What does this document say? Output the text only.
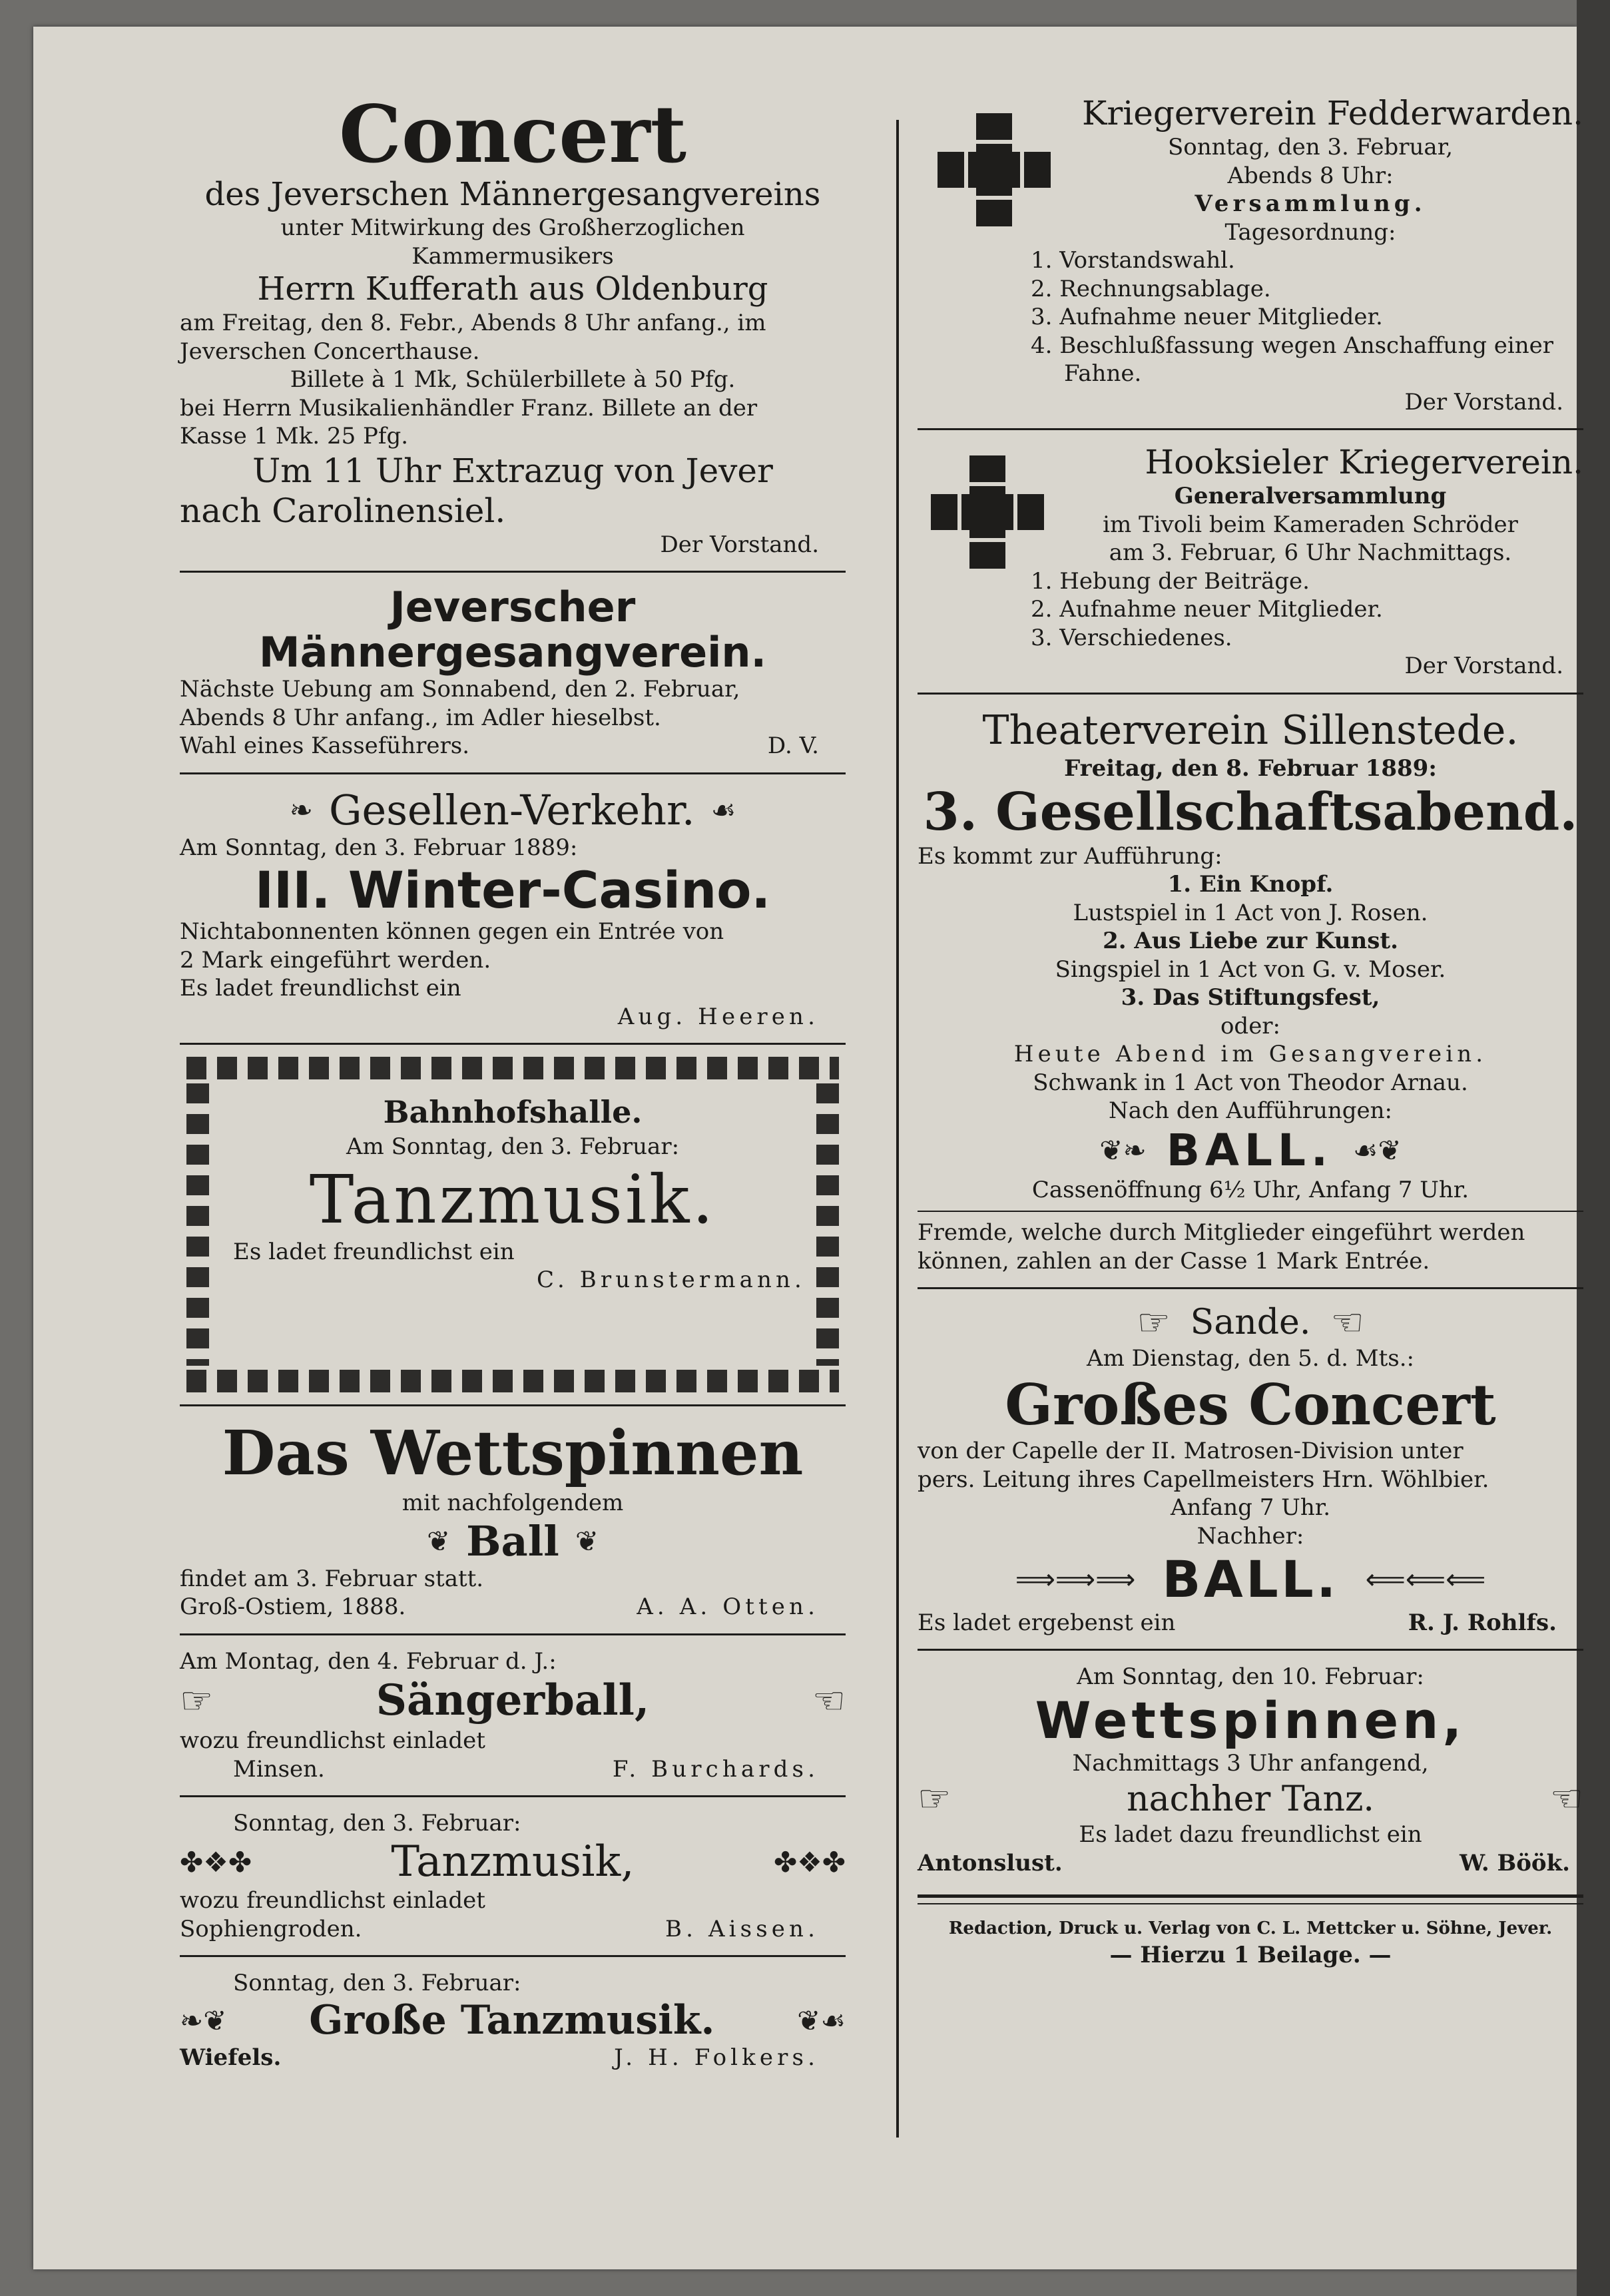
Concert
des Jeverschen Männergesangvereins
unter Mitwirkung des Großherzoglichen
Kammermusikers
Herrn Kufferath aus Oldenburg
am Freitag, den 8. Febr., Abends 8 Uhr anfang., im
Jeverschen Concerthause.
Billete à 1 Mk, Schülerbillete à 50 Pfg.
bei Herrn Musikalienhändler Franz. Billete an der
Kasse 1 Mk. 25 Pfg.
Um 11 Uhr Extrazug von Jever
nach Carolinensiel.
Der Vorstand.
Jeverscher
Männergesangverein.
Nächste Uebung am Sonnabend, den 2. Februar,
Abends 8 Uhr anfang., im Adler hieselbst.
Wahl eines Kasseführers.	D. V.
❧ Gesellen-Verkehr. ☙
Am Sonntag, den 3. Februar 1889:
III. Winter-Casino.
Nichtabonnenten können gegen ein Entrée von
2 Mark eingeführt werden.
Es ladet freundlichst ein
Aug. Heeren.
Bahnhofshalle.
Am Sonntag, den 3. Februar:
Tanzmusik.
Es ladet freundlichst ein
C. Brunstermann.
Das Wettspinnen
mit nachfolgendem
❦ Ball ❦
findet am 3. Februar statt.
Groß-Ostiem, 1888.	A. A. Otten.
Am Montag, den 4. Februar d. J.:
☞	Sängerball,	☜
wozu freundlichst einladet
Minsen.	F. Burchards.
Sonntag, den 3. Februar:
✤❖✤	Tanzmusik,	✤❖✤
wozu freundlichst einladet
Sophiengroden.	B. Aissen.
Sonntag, den 3. Februar:
❧❦ Große Tanzmusik.	❦☙
Wiefels.	J. H. Folkers.
Kriegerverein Fedderwarden.
Sonntag, den 3. Februar,
Abends 8 Uhr:
Versammlung.
Tagesordnung:
1. Vorstandswahl.
2. Rechnungsablage.
3. Aufnahme neuer Mitglieder.
4. Beschlußfassung wegen Anschaffung einer
Fahne.
Der Vorstand.
Hooksieler Kriegerverein.
Generalversammlung
im Tivoli beim Kameraden Schröder
am 3. Februar, 6 Uhr Nachmittags.
1. Hebung der Beiträge.
2. Aufnahme neuer Mitglieder.
3. Verschiedenes.
Der Vorstand.
Theaterverein Sillenstede.
Freitag, den 8. Februar 1889:
3. Gesellschaftsabend.
Es kommt zur Aufführung:
1. Ein Knopf.
Lustspiel in 1 Act von J. Rosen.
2. Aus Liebe zur Kunst.
Singspiel in 1 Act von G. v. Moser.
3. Das Stiftungsfest,
oder:
Heute Abend im Gesangverein.
Schwank in 1 Act von Theodor Arnau.
Nach den Aufführungen:
❦❧ BALL. ☙❦
Cassenöffnung 6½ Uhr, Anfang 7 Uhr.
Fremde, welche durch Mitglieder eingeführt werden
können, zahlen an der Casse 1 Mark Entrée.
☞ Sande. ☜
Am Dienstag, den 5. d. Mts.:
Großes Concert
von der Capelle der II. Matrosen-Division unter
pers. Leitung ihres Capellmeisters Hrn. Wöhlbier.
Anfang 7 Uhr.
Nachher:
⟹⟹⟹ BALL. ⟸⟸⟸
Es ladet ergebenst ein	R. J. Rohlfs.
Am Sonntag, den 10. Februar:
Wettspinnen,
Nachmittags 3 Uhr anfangend,
☞	nachher Tanz.	☜
Es ladet dazu freundlichst ein
Antonslust.	W. Böök.
Redaction, Druck u. Verlag von C. L. Mettcker u. Söhne, Jever.
— Hierzu 1 Beilage. —
